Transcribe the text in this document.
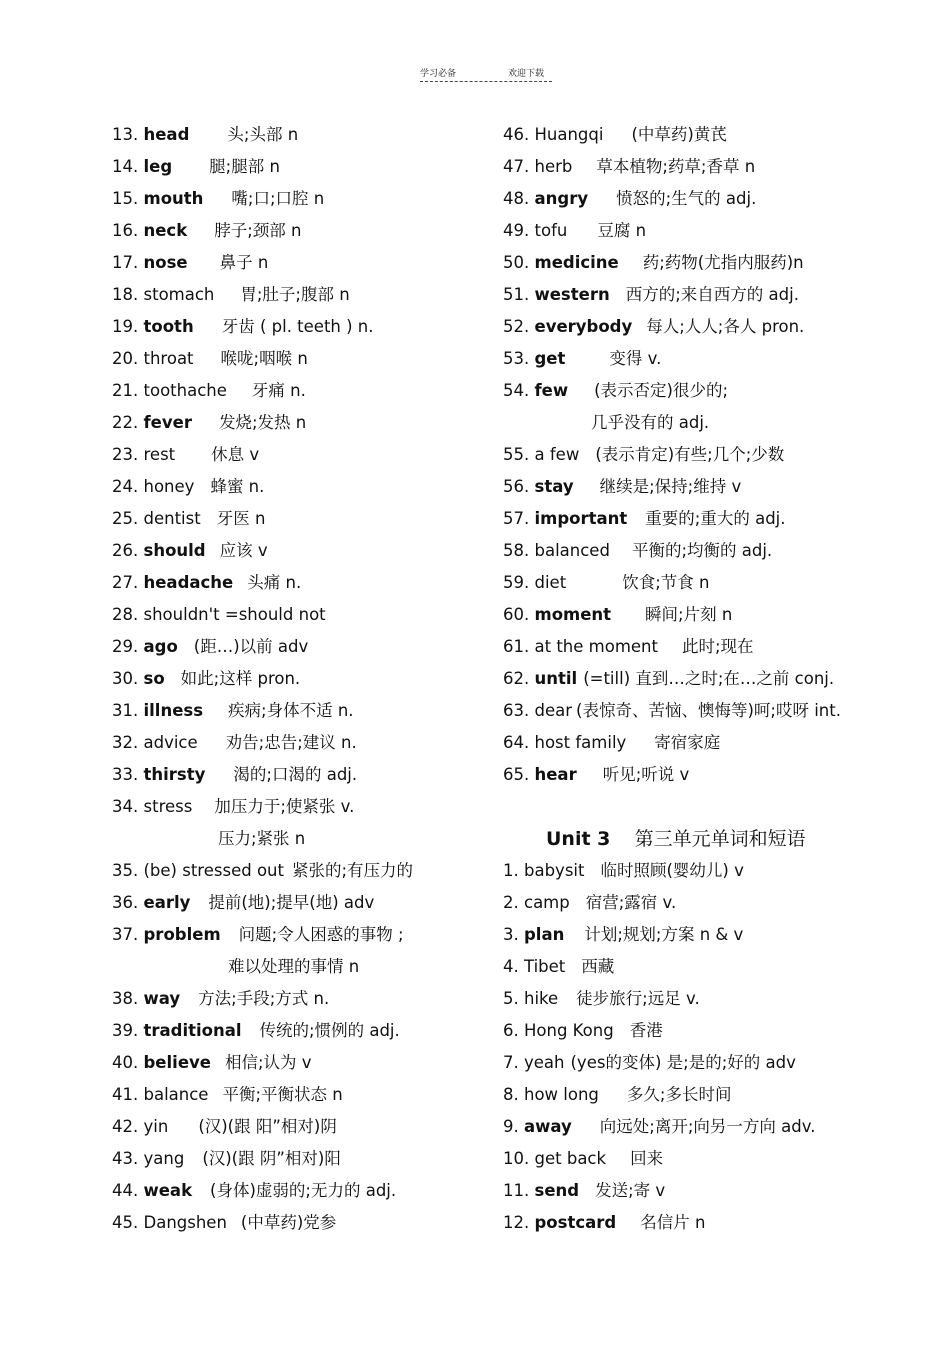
学习必备	欢迎下载
13. head 头;头部 n
14. leg 腿;腿部 n
15. mouth 嘴;口;口腔 n
16. neck 脖子;颈部 n
17. nose 鼻子 n
18. stomach 胃;肚子;腹部 n
19. tooth 牙齿 ( pl. teeth ) n.
20. throat 喉咙;咽喉 n
21. toothache 牙痛 n.
22. fever 发烧;发热 n
23. rest 休息 v
24. honey 蜂蜜 n.
25. dentist 牙医 n
26. should 应该 v
27. headache 头痛 n.
28. shouldn't =should not
29. ago (距…)以前 adv
30. so 如此;这样 pron.
31. illness 疾病;身体不适 n.
32. advice 劝告;忠告;建议 n.
33. thirsty 渴的;口渴的 adj.
34. stress 加压力于;使紧张 v.
压力;紧张 n
35. (be) stressed out 紧张的;有压力的
36. early 提前(地);提早(地) adv
37. problem 问题;令人困惑的事物 ;
难以处理的事情 n
38. way 方法;手段;方式 n.
39. traditional 传统的;惯例的 adj.
40. believe 相信;认为 v
41. balance 平衡;平衡状态 n
42. yin (汉)(跟 阳”相对)阴
43. yang (汉)(跟 阴”相对)阳
44. weak (身体)虚弱的;无力的 adj.
45. Dangshen (中草药)党参
46. Huangqi (中草药)黄芪
47. herb 草本植物;药草;香草 n
48. angry 愤怒的;生气的 adj.
49. tofu 豆腐 n
50. medicine 药;药物(尤指内服药)n
51. western 西方的;来自西方的 adj.
52. everybody 每人;人人;各人 pron.
53. get	变得 v.
54. few (表示否定)很少的;
几乎没有的 adj.
55. a few (表示肯定)有些;几个;少数
56. stay 继续是;保持;维持 v
57. important 重要的;重大的 adj.
58. balanced 平衡的;均衡的 adj.
59. diet	饮食;节食 n
60. moment 瞬间;片刻 n
61. at the moment 此时;现在
62. until (=till) 直到…之时;在…之前 conj.
63. dear (表惊奇、苦恼、懊悔等)呵;哎呀 int.
64. host family 寄宿家庭
65. hear 听见;听说 v
Unit 3 第三单元单词和短语
1. babysit 临时照顾(婴幼儿) v
2. camp 宿营;露宿 v.
3. plan 计划;规划;方案 n & v
4. Tibet 西藏
5. hike 徒步旅行;远足 v.
6. Hong Kong 香港
7. yeah (yes的变体) 是;是的;好的 adv
8. how long 多久;多长时间
9. away 向远处;离开;向另一方向 adv.
10. get back 回来
11. send 发送;寄 v
12. postcard 名信片 n
